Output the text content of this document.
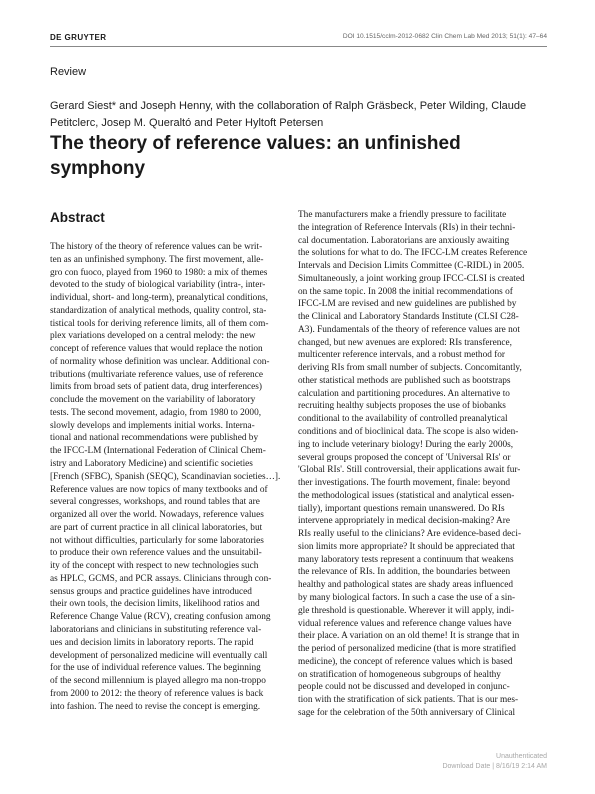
DE GRUYTER	DOI 10.1515/cclm-2012-0682 Clin Chem Lab Med 2013; 51(1): 47–64
Review
Gerard Siest* and Joseph Henny, with the collaboration of Ralph Gräsbeck, Peter Wilding, Claude Petitclerc, Josep M. Queraltó and Peter Hyltoft Petersen
The theory of reference values: an unfinished symphony
Abstract
The history of the theory of reference values can be writ-
ten as an unfinished symphony. The first movement, alle-
gro con fuoco, played from 1960 to 1980: a mix of themes
devoted to the study of biological variability (intra-, inter-
individual, short- and long-term), preanalytical conditions,
standardization of analytical methods, quality control, sta-
tistical tools for deriving reference limits, all of them com-
plex variations developed on a central melody: the new
concept of reference values that would replace the notion
of normality whose definition was unclear. Additional con-
tributions (multivariate reference values, use of reference
limits from broad sets of patient data, drug interferences)
conclude the movement on the variability of laboratory
tests. The second movement, adagio, from 1980 to 2000,
slowly develops and implements initial works. Interna-
tional and national recommendations were published by
the IFCC-LM (International Federation of Clinical Chem-
istry and Laboratory Medicine) and scientific societies
[French (SFBC), Spanish (SEQC), Scandinavian societies…].
Reference values are now topics of many textbooks and of
several congresses, workshops, and round tables that are
organized all over the world. Nowadays, reference values
are part of current practice in all clinical laboratories, but
not without difficulties, particularly for some laboratories
to produce their own reference values and the unsuitabil-
ity of the concept with respect to new technologies such
as HPLC, GCMS, and PCR assays. Clinicians through con-
sensus groups and practice guidelines have introduced
their own tools, the decision limits, likelihood ratios and
Reference Change Value (RCV), creating confusion among
laboratorians and clinicians in substituting reference val-
ues and decision limits in laboratory reports. The rapid
development of personalized medicine will eventually call
for the use of individual reference values. The beginning
of the second millennium is played allegro ma non-troppo
from 2000 to 2012: the theory of reference values is back
into fashion. The need to revise the concept is emerging.
The manufacturers make a friendly pressure to facilitate
the integration of Reference Intervals (RIs) in their techni-
cal documentation. Laboratorians are anxiously awaiting
the solutions for what to do. The IFCC-LM creates Reference
Intervals and Decision Limits Committee (C-RIDL) in 2005.
Simultaneously, a joint working group IFCC-CLSI is created
on the same topic. In 2008 the initial recommendations of
IFCC-LM are revised and new guidelines are published by
the Clinical and Laboratory Standards Institute (CLSI C28-
A3). Fundamentals of the theory of reference values are not
changed, but new avenues are explored: RIs transference,
multicenter reference intervals, and a robust method for
deriving RIs from small number of subjects. Concomitantly,
other statistical methods are published such as bootstraps
calculation and partitioning procedures. An alternative to
recruiting healthy subjects proposes the use of biobanks
conditional to the availability of controlled preanalytical
conditions and of bioclinical data. The scope is also widen-
ing to include veterinary biology! During the early 2000s,
several groups proposed the concept of 'Universal RIs' or
'Global RIs'. Still controversial, their applications await fur-
ther investigations. The fourth movement, finale: beyond
the methodological issues (statistical and analytical essen-
tially), important questions remain unanswered. Do RIs
intervene appropriately in medical decision-making? Are
RIs really useful to the clinicians? Are evidence-based deci-
sion limits more appropriate? It should be appreciated that
many laboratory tests represent a continuum that weakens
the relevance of RIs. In addition, the boundaries between
healthy and pathological states are shady areas influenced
by many biological factors. In such a case the use of a sin-
gle threshold is questionable. Wherever it will apply, indi-
vidual reference values and reference change values have
their place. A variation on an old theme! It is strange that in
the period of personalized medicine (that is more stratified
medicine), the concept of reference values which is based
on stratification of homogeneous subgroups of healthy
people could not be discussed and developed in conjunc-
tion with the stratification of sick patients. That is our mes-
sage for the celebration of the 50th anniversary of Clinical
Unauthenticated
Download Date | 8/16/19 2:14 AM
